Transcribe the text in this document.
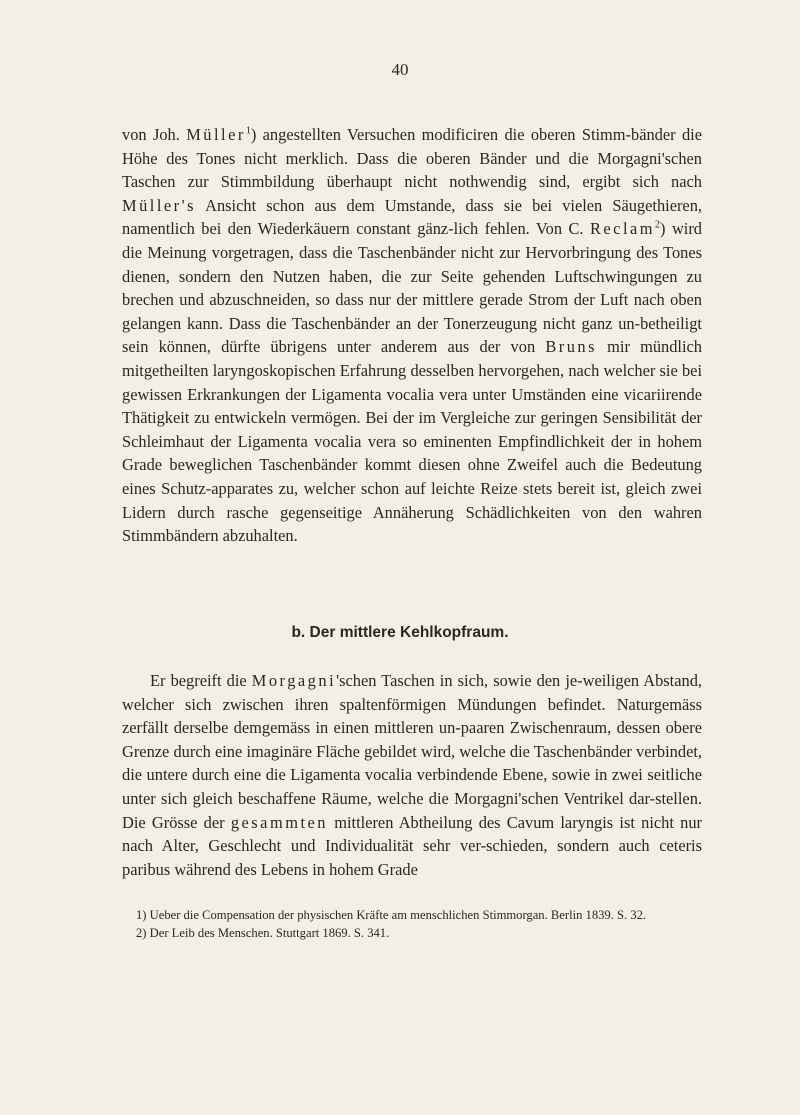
40

von Joh. Müller$^1$) angestellten Versuchen modificiren die oberen Stimm-bänder die Höhe des Tones nicht merklich. Dass die oberen Bänder und die Morgagni'schen Taschen zur Stimmbildung überhaupt nicht nothwendig sind, ergibt sich nach Müller's Ansicht schon aus dem Umstande, dass sie bei vielen Säugethieren, namentlich bei den Wiederkäuern constant gänz-lich fehlen. Von C. Reclam$^2$) wird die Meinung vorgetragen, dass die Taschenbänder nicht zur Hervorbringung des Tones dienen, sondern den Nutzen haben, die zur Seite gehenden Luftschwingungen zu brechen und abzuschneiden, so dass nur der mittlere gerade Strom der Luft nach oben gelangen kann. Dass die Taschenbänder an der Tonerzeugung nicht ganz un-betheiligt sein können, dürfte übrigens unter anderem aus der von Bruns mir mündlich mitgetheilten laryngoskopischen Erfahrung desselben hervorgehen, nach welcher sie bei gewissen Erkrankungen der Ligamenta vocalia vera unter Umständen eine vicariirende Thätigkeit zu entwickeln vermögen. Bei der im Vergleiche zur geringen Sensibilität der Schleimhaut der Ligamenta vocalia vera so eminenten Empfindlichkeit der in hohem Grade beweglichen Taschenbänder kommt diesen ohne Zweifel auch die Bedeutung eines Schutz-apparates zu, welcher schon auf leichte Reize stets bereit ist, gleich zwei Lidern durch rasche gegenseitige Annäherung Schädlichkeiten von den wahren Stimmbändern abzuhalten.

b. Der mittlere Kehlkopfraum.

Er begreift die Morgagni'schen Taschen in sich, sowie den je-weiligen Abstand, welcher sich zwischen ihren spaltenförmigen Mündungen befindet. Naturgemäss zerfällt derselbe demgemäss in einen mittleren un-paaren Zwischenraum, dessen obere Grenze durch eine imaginäre Fläche gebildet wird, welche die Taschenbänder verbindet, die untere durch eine die Ligamenta vocalia verbindende Ebene, sowie in zwei seitliche unter sich gleich beschaffene Räume, welche die Morgagni'schen Ventrikel dar-stellen. Die Grösse der gesammten mittleren Abtheilung des Cavum laryngis ist nicht nur nach Alter, Geschlecht und Individualität sehr ver-schieden, sondern auch ceteris paribus während des Lebens in hohem Grade

1) Ueber die Compensation der physischen Kräfte am menschlichen Stimmorgan. Berlin 1839. S. 32.

2) Der Leib des Menschen. Stuttgart 1869. S. 341.
